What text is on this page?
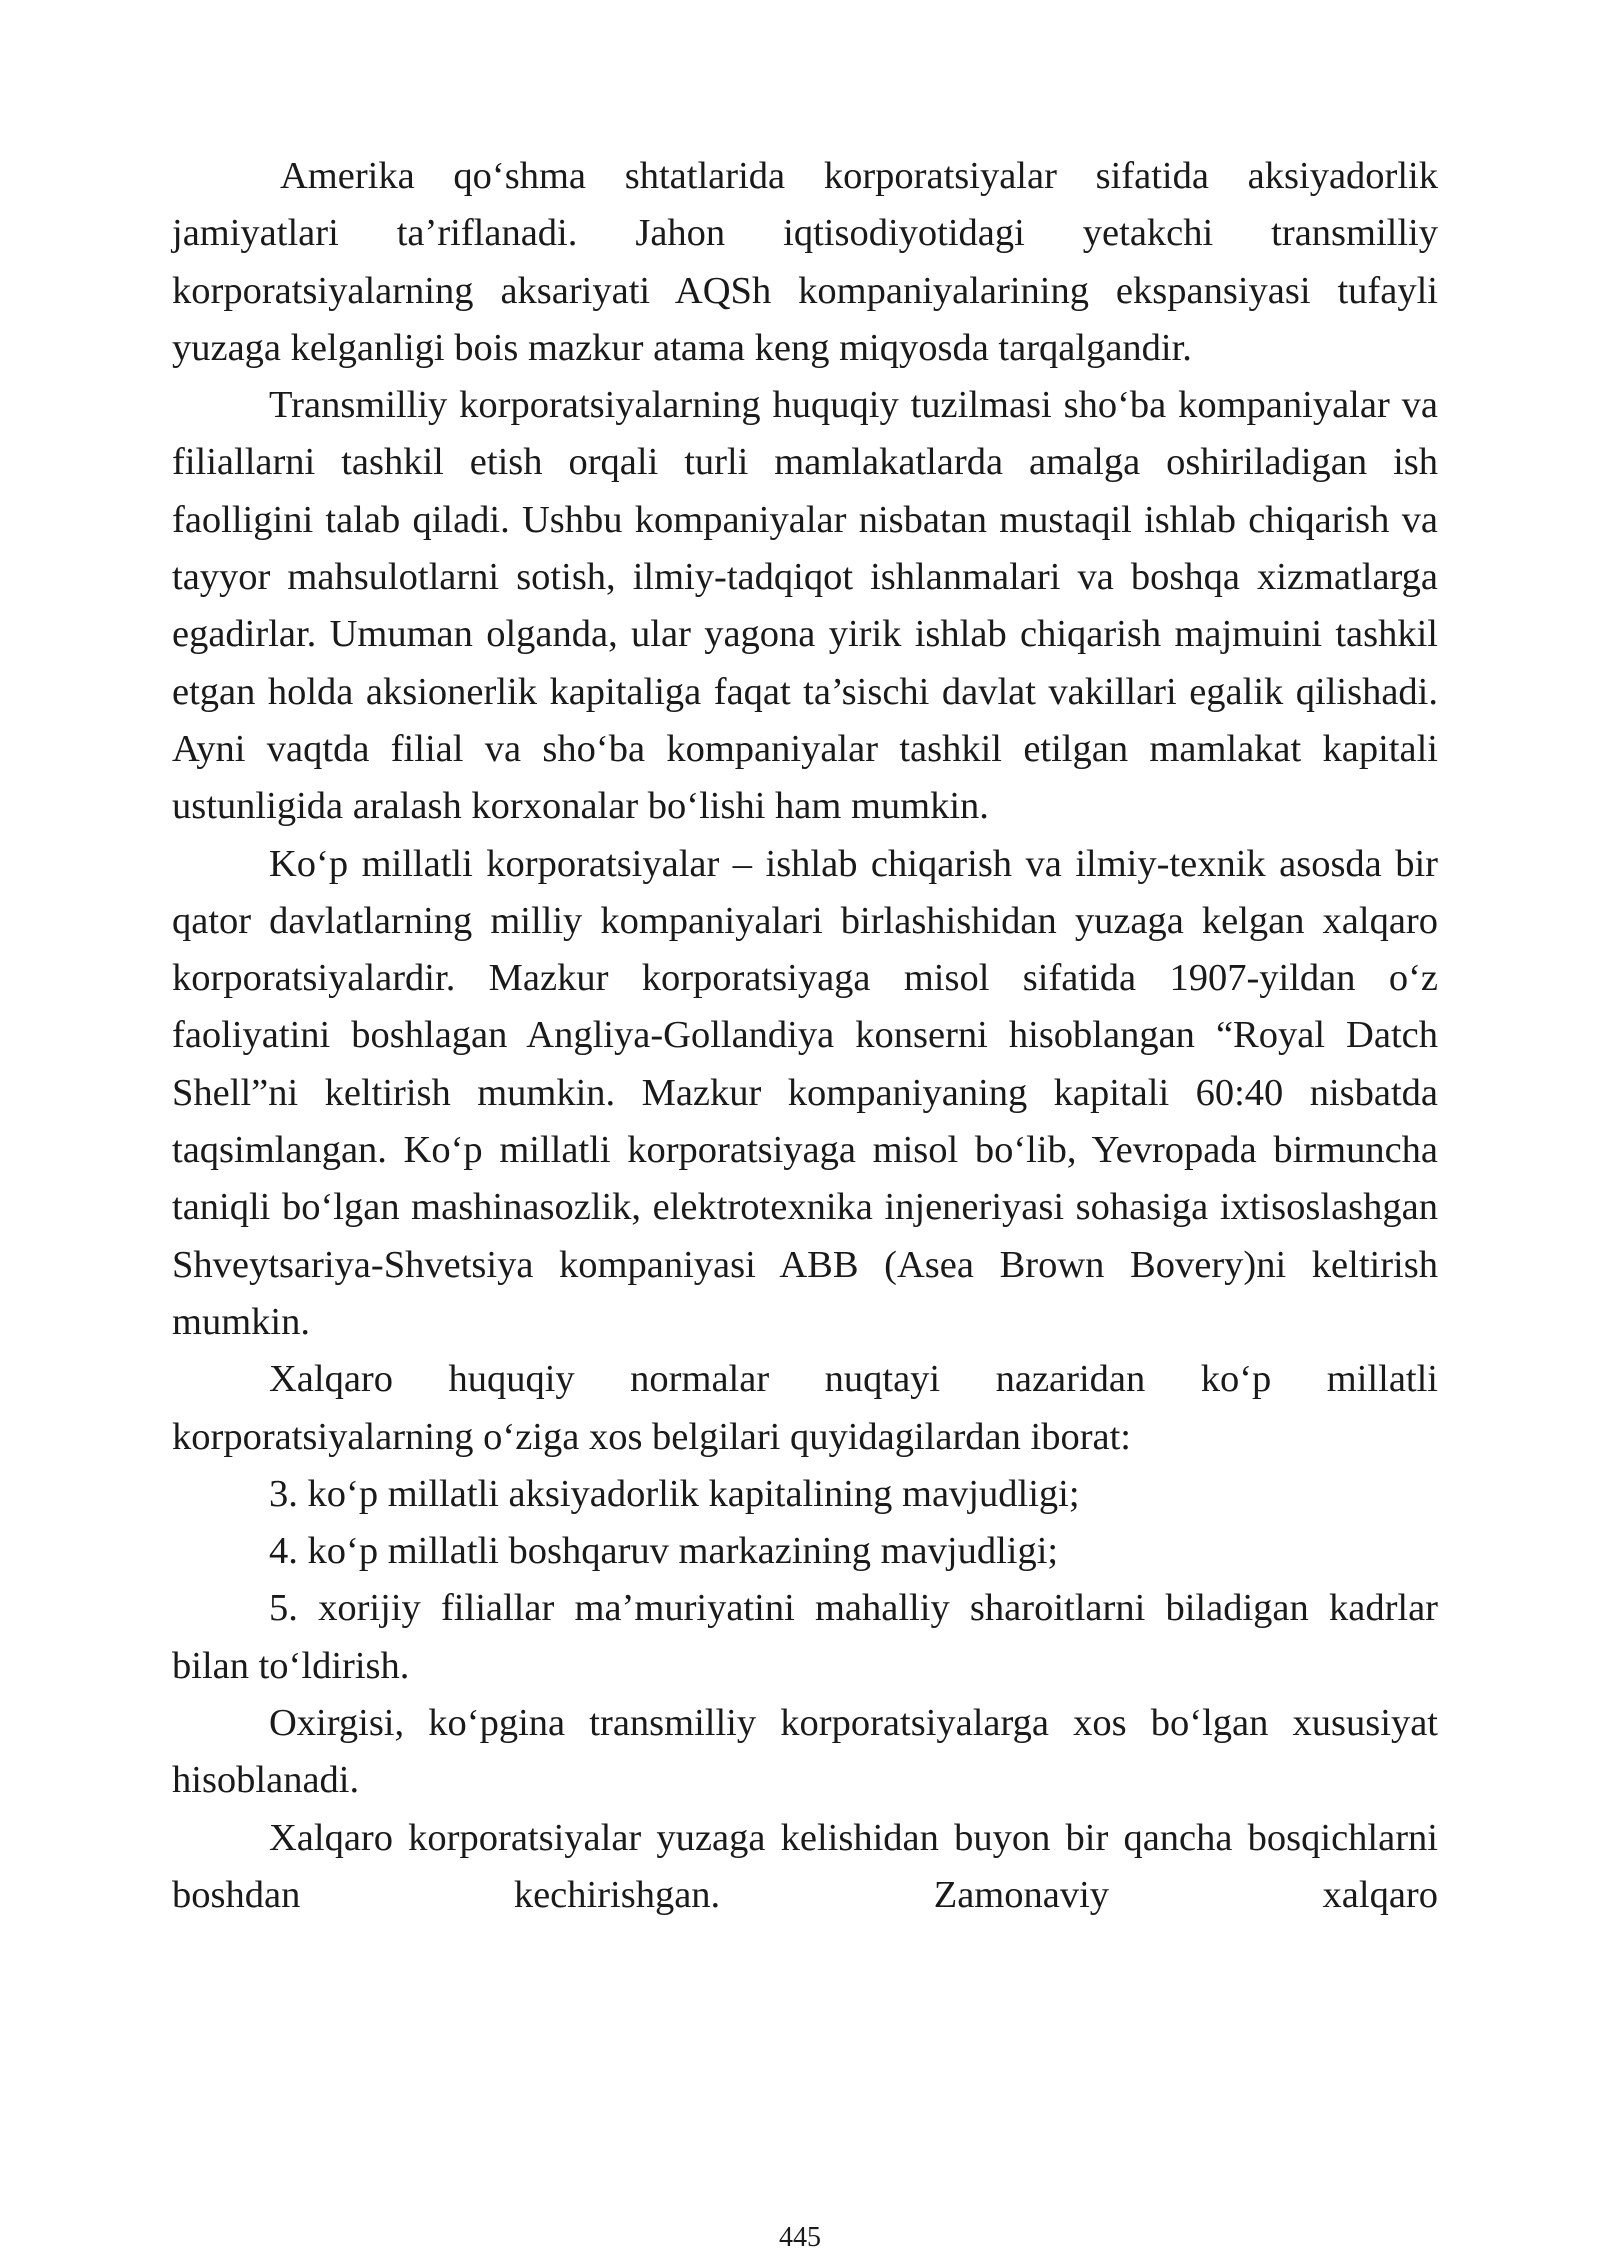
Amerika qo‘shma shtatlarida korporatsiyalar sifatida aksiyadorlik jamiyatlari ta’riflanadi. Jahon iqtisodiyotidagi yetakchi transmilliy korporatsiyalarning aksariyati AQSh kompaniyalarining ekspansiyasi tufayli yuzaga kelganligi bois mazkur atama keng miqyosda tarqalgandir.

Transmilliy korporatsiyalarning huquqiy tuzilmasi sho‘ba kompaniyalar va filiallarni tashkil etish orqali turli mamlakatlarda amalga oshiriladigan ish faolligini talab qiladi. Ushbu kompaniyalar nisbatan mustaqil ishlab chiqarish va tayyor mahsulotlarni sotish, ilmiy-tadqiqot ishlanmalari va boshqa xizmatlarga egadirlar. Umuman olganda, ular yagona yirik ishlab chiqarish majmuini tashkil etgan holda aksionerlik kapitaliga faqat ta’sischi davlat vakillari egalik qilishadi. Ayni vaqtda filial va sho‘ba kompaniyalar tashkil etilgan mamlakat kapitali ustunligida aralash korxonalar bo‘lishi ham mumkin.

Ko‘p millatli korporatsiyalar – ishlab chiqarish va ilmiy-texnik asosda bir qator davlatlarning milliy kompaniyalari birlashishidan yuzaga kelgan xalqaro korporatsiyalardir. Mazkur korporatsiyaga misol sifatida 1907-yildan o‘z faoliyatini boshlagan Angliya-Gollandiya konserni hisoblangan “Royal Datch Shell”ni keltirish mumkin. Mazkur kompaniyaning kapitali 60:40 nisbatda taqsimlangan. Ko‘p millatli korporatsiyaga misol bo‘lib, Yevropada birmuncha taniqli bo‘lgan mashinasozlik, elektrotexnika injeneriyasi sohasiga ixtisoslashgan Shveytsariya-Shvetsiya kompaniyasi ABB (Asea Brown Bovery)ni keltirish mumkin.

Xalqaro huquqiy normalar nuqtayi nazaridan ko‘p millatli korporatsiyalarning o‘ziga xos belgilari quyidagilardan iborat:

3. ko‘p millatli aksiyadorlik kapitalining mavjudligi;

4. ko‘p millatli boshqaruv markazining mavjudligi;

5. xorijiy filiallar ma’muriyatini mahalliy sharoitlarni biladigan kadrlar bilan to‘ldirish.

Oxirgisi, ko‘pgina transmilliy korporatsiyalarga xos bo‘lgan xususiyat hisoblanadi.

Xalqaro korporatsiyalar yuzaga kelishidan buyon bir qancha bosqichlarni boshdan kechirishgan. Zamonaviy xalqaro

445
